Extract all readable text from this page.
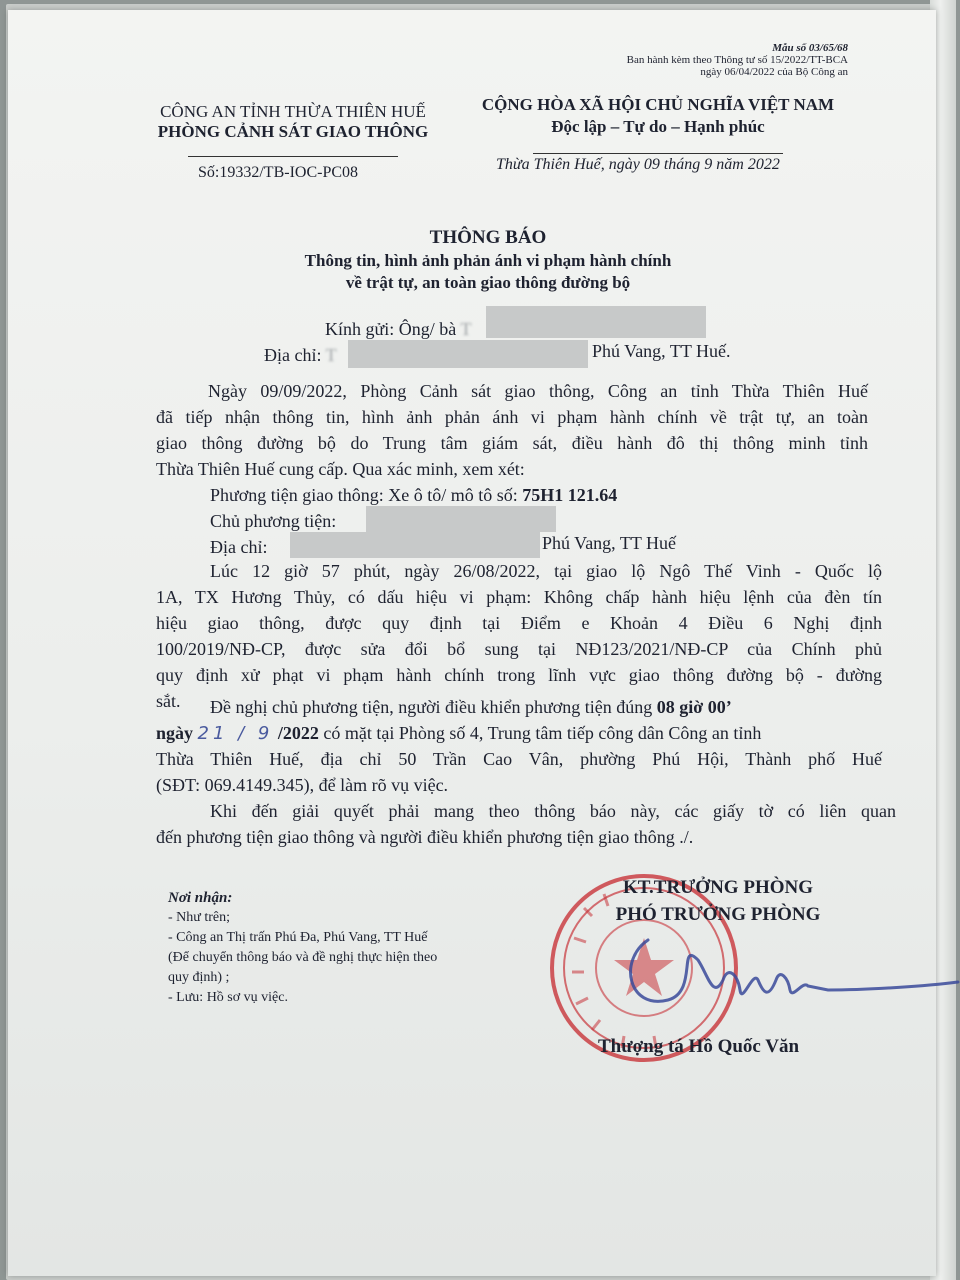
Mẫu số 03/65/68
Ban hành kèm theo Thông tư số 15/2022/TT-BCA
ngày 06/04/2022 của Bộ Công an
CÔNG AN TỈNH THỪA THIÊN HUẾ
PHÒNG CẢNH SÁT GIAO THÔNG
CỘNG HÒA XÃ HỘI CHỦ NGHĨA VIỆT NAM
Độc lập – Tự do – Hạnh phúc
Số:19332/TB-IOC-PC08	Thừa Thiên Huế, ngày 09 tháng 9 năm 2022
THÔNG BÁO
Thông tin, hình ảnh phản ánh vi phạm hành chính
về trật tự, an toàn giao thông đường bộ
Kính gửi: Ông/ bà T
Địa chỉ: T	Phú Vang, TT Huế.
Ngày 09/09/2022, Phòng Cảnh sát giao thông, Công an tỉnh Thừa Thiên Huế
đã tiếp nhận thông tin, hình ảnh phản ánh vi phạm hành chính về trật tự, an toàn
giao thông đường bộ do Trung tâm giám sát, điều hành đô thị thông minh tỉnh
Thừa Thiên Huế cung cấp. Qua xác minh, xem xét:
Phương tiện giao thông: Xe ô tô/ mô tô số: 75H1 121.64
Chủ phương tiện:
Địa chỉ:	Phú Vang, TT Huế
Lúc 12 giờ 57 phút, ngày 26/08/2022, tại giao lộ Ngô Thế Vinh - Quốc lộ
1A, TX Hương Thủy, có dấu hiệu vi phạm: Không chấp hành hiệu lệnh của đèn tín
hiệu giao thông, được quy định tại Điểm e Khoản 4 Điều 6 Nghị định
100/2019/NĐ-CP, được sửa đổi bổ sung tại NĐ123/2021/NĐ-CP của Chính phủ
quy định xử phạt vi phạm hành chính trong lĩnh vực giao thông đường bộ - đường
sắt. Đề nghị chủ phương tiện, người điều khiển phương tiện đúng 08 giờ 00’
ngày 21 / 9 /2022 có mặt tại Phòng số 4, Trung tâm tiếp công dân Công an tỉnh
Thừa Thiên Huế, địa chỉ 50 Trần Cao Vân, phường Phú Hội, Thành phố Huế
(SĐT: 069.4149.345), để làm rõ vụ việc.
Khi đến giải quyết phải mang theo thông báo này, các giấy tờ có liên quan
đến phương tiện giao thông và người điều khiển phương tiện giao thông ./.
Nơi nhận:
- Như trên;
- Công an Thị trấn Phú Đa, Phú Vang, TT Huế
(Để chuyển thông báo và đề nghị thực hiện theo
quy định) ;
- Lưu: Hồ sơ vụ việc.
KT.TRƯỞNG PHÒNG
PHÓ TRƯỞNG PHÒNG
Thượng tá Hồ Quốc Văn
